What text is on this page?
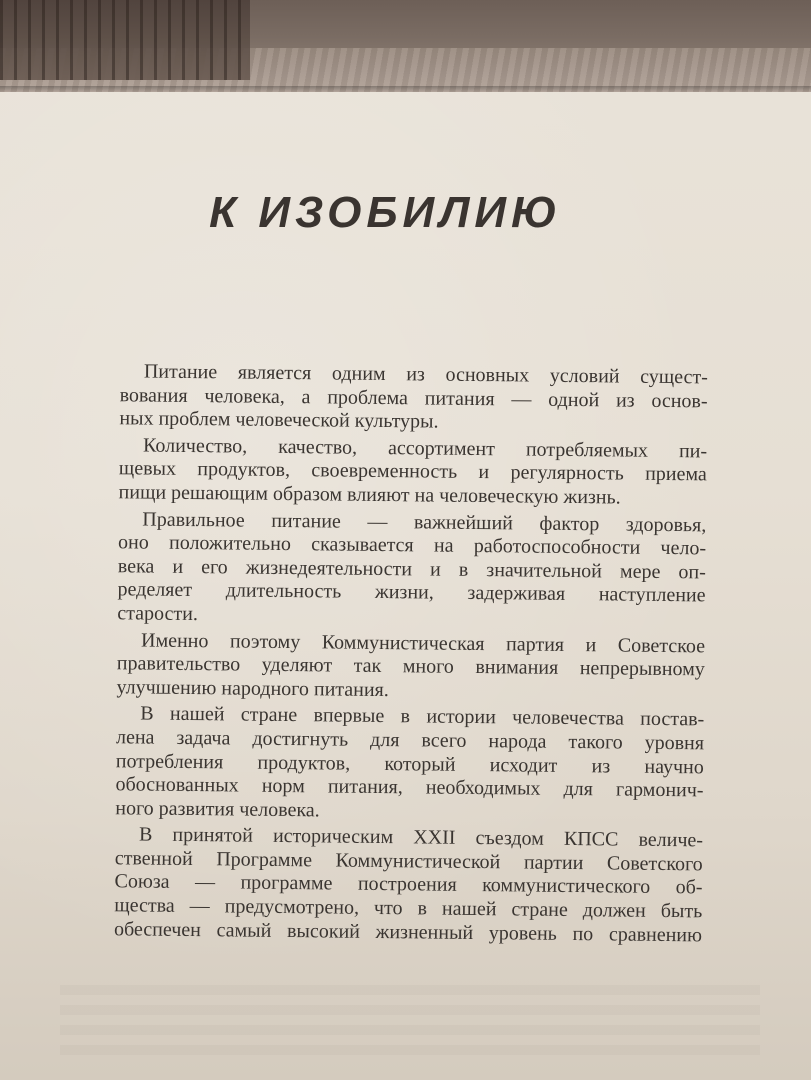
К ИЗОБИЛИЮ
Питание является одним из основных условий сущест-
вования человека, а проблема питания — одной из основ-
ных проблем человеческой культуры.
Количество, качество, ассортимент потребляемых пи-
щевых продуктов, своевременность и регулярность приема
пищи решающим образом влияют на человеческую жизнь.
Правильное питание — важнейший фактор здоровья,
оно положительно сказывается на работоспособности чело-
века и его жизнедеятельности и в значительной мере оп-
ределяет длительность жизни, задерживая наступление
старости.
Именно поэтому Коммунистическая партия и Советское
правительство уделяют так много внимания непрерывному
улучшению народного питания.
В нашей стране впервые в истории человечества постав-
лена задача достигнуть для всего народа такого уровня
потребления продуктов, который исходит из научно
обоснованных норм питания, необходимых для гармонич-
ного развития человека.
В принятой историческим XXII съездом КПСС величе-
ственной Программе Коммунистической партии Советского
Союза — программе построения коммунистического об-
щества — предусмотрено, что в нашей стране должен быть
обеспечен самый высокий жизненный уровень по сравнению
